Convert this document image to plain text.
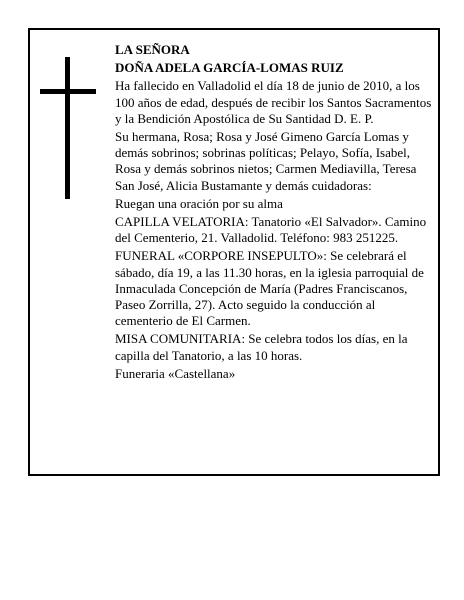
LA SEÑORA

DOÑA ADELA GARCÍA-LOMAS RUIZ

Ha fallecido en Valladolid el día 18 de junio de 2010, a los 100 años de edad, después de recibir los Santos Sacramentos y la Bendición Apostólica de Su Santidad D. E. P.

Su hermana, Rosa; Rosa y José Gimeno García Lomas y demás sobrinos; sobrinas políticas; Pelayo, Sofía, Isabel, Rosa y demás sobrinos nietos; Carmen Mediavilla, Teresa San José, Alicia Bustamante y demás cuidadoras:

Ruegan una oración por su alma

CAPILLA VELATORIA: Tanatorio «El Salvador». Camino del Cementerio, 21. Valladolid. Teléfono: 983 251225.

FUNERAL «CORPORE INSEPULTO»: Se celebrará el sábado, día 19, a las 11.30 horas, en la iglesia parroquial de Inmaculada Concepción de María (Padres Franciscanos, Paseo Zorrilla, 27). Acto seguido la conducción al cementerio de El Carmen.

MISA COMUNITARIA: Se celebra todos los días, en la capilla del Tanatorio, a las 10 horas.

Funeraria «Castellana»
